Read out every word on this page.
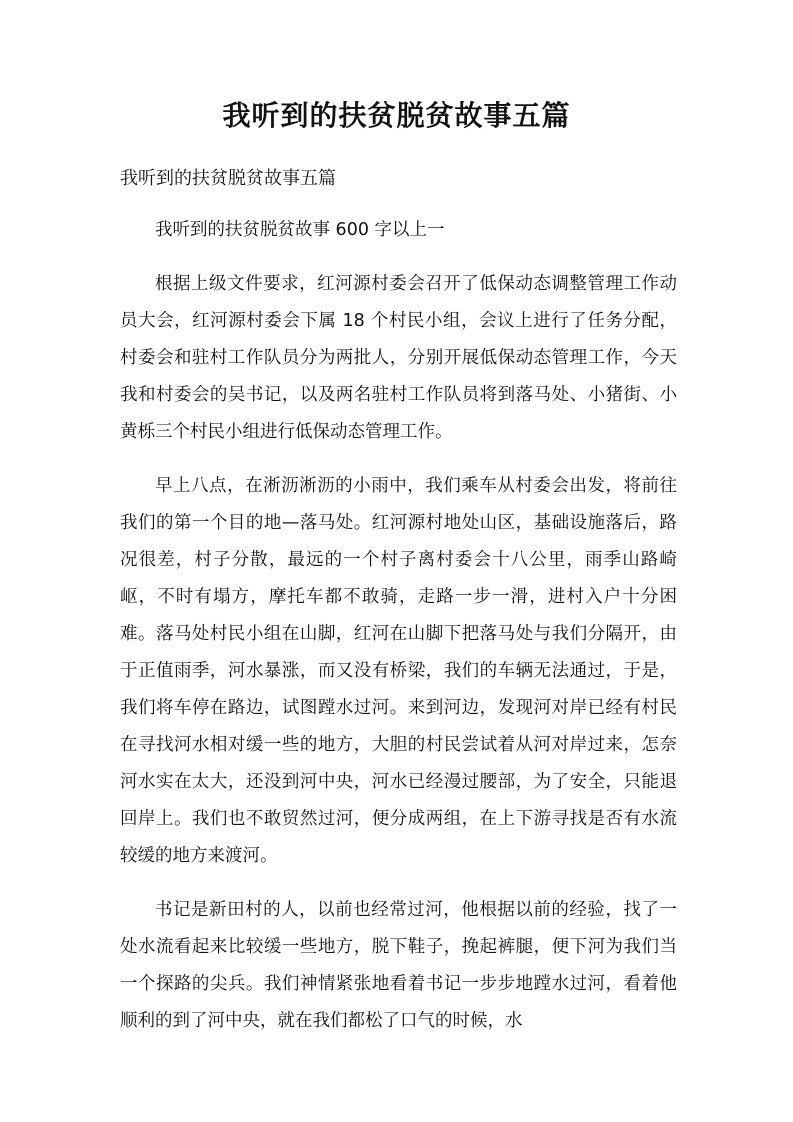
我听到的扶贫脱贫故事五篇
我听到的扶贫脱贫故事五篇

我听到的扶贫脱贫故事 600 字以上一

根据上级文件要求，红河源村委会召开了低保动态调整管理工作动员大会，红河源村委会下属 18 个村民小组，会议上进行了任务分配，村委会和驻村工作队员分为两批人，分别开展低保动态管理工作，今天我和村委会的吴书记，以及两名驻村工作队员将到落马处、小猪街、小黄栎三个村民小组进行低保动态管理工作。

早上八点，在淅沥淅沥的小雨中，我们乘车从村委会出发，将前往我们的第一个目的地—落马处。红河源村地处山区，基础设施落后，路况很差，村子分散，最远的一个村子离村委会十八公里，雨季山路崎岖，不时有塌方，摩托车都不敢骑，走路一步一滑，进村入户十分困难。落马处村民小组在山脚，红河在山脚下把落马处与我们分隔开，由于正值雨季，河水暴涨，而又没有桥梁，我们的车辆无法通过，于是，我们将车停在路边，试图蹚水过河。来到河边，发现河对岸已经有村民在寻找河水相对缓一些的地方，大胆的村民尝试着从河对岸过来，怎奈河水实在太大，还没到河中央，河水已经漫过腰部，为了安全，只能退回岸上。我们也不敢贸然过河，便分成两组，在上下游寻找是否有水流较缓的地方来渡河。

书记是新田村的人，以前也经常过河，他根据以前的经验，找了一处水流看起来比较缓一些地方，脱下鞋子，挽起裤腿，便下河为我们当一个探路的尖兵。我们神情紧张地看着书记一步步地蹚水过河，看着他顺利的到了河中央，就在我们都松了口气的时候，水
